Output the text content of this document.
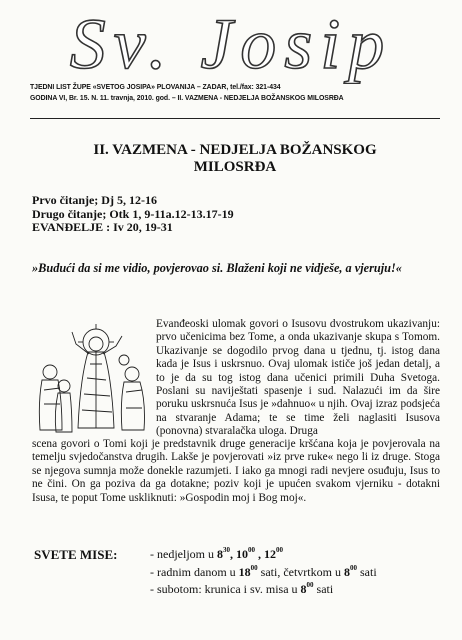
Sv. Josip
TJEDNI LIST ŽUPE «SVETOG JOSIPA» PLOVANIJA – ZADAR, tel./fax: 321-434
GODINA VI, Br. 15. N. 11. travnja, 2010. god. – II. VAZMENA - NEDJELJA BOŽANSKOG MILOSRĐA
II. VAZMENA - NEDJELJA BOŽANSKOG
MILOSRĐA
Prvo čitanje; Dj 5, 12-16
Drugo čitanje; Otk 1, 9-11a.12-13.17-19
EVANĐELJE : Iv 20, 19-31
»Budući da si me vidio, povjerovao si. Blaženi koji ne vidješe, a vjeruju!«
Evanđeoski ulomak govori o Isusovu dvostrukom ukazivanju: prvo učenicima bez Tome, a onda ukazivanje skupa s Tomom. Ukazivanje se dogodilo prvog dana u tjednu, tj. istog dana kada je Isus i uskrsnuo. Ovaj ulomak ističe još jedan detalj, a to je da su tog istog dana učenici primili Duha Svetoga. Poslani su naviještati spasenje i sud. Nalazući im da šire poruku uskrsnuća Isus je »dahnuo« u njih. Ovaj izraz podsjeća na stvaranje Adama; te se time želi naglasiti Isusova (ponovna) stvaralačka uloga. Druga
scena govori o Tomi koji je predstavnik druge generacije kršćana koja je povjerovala na temelju svjedočanstva drugih. Lakše je povjerovati »iz prve ruke« nego li iz druge. Stoga se njegova sumnja može donekle razumjeti. I iako ga mnogi radi nevjere osuđuju, Isus to ne čini. On ga poziva da ga dotakne; poziv koji je upućen svakom vjerniku - dotakni Isusa, te poput Tome uskliknuti: »Gospodin moj i Bog moj«.
SVETE MISE:	- nedjeljom u $8^{30}$, $10^{00}$ , $12^{00}$
- radnim danom u $18^{00}$ sati, četvrtkom u $8^{00}$ sati
- subotom: krunica i sv. misa u $8^{00}$ sati
